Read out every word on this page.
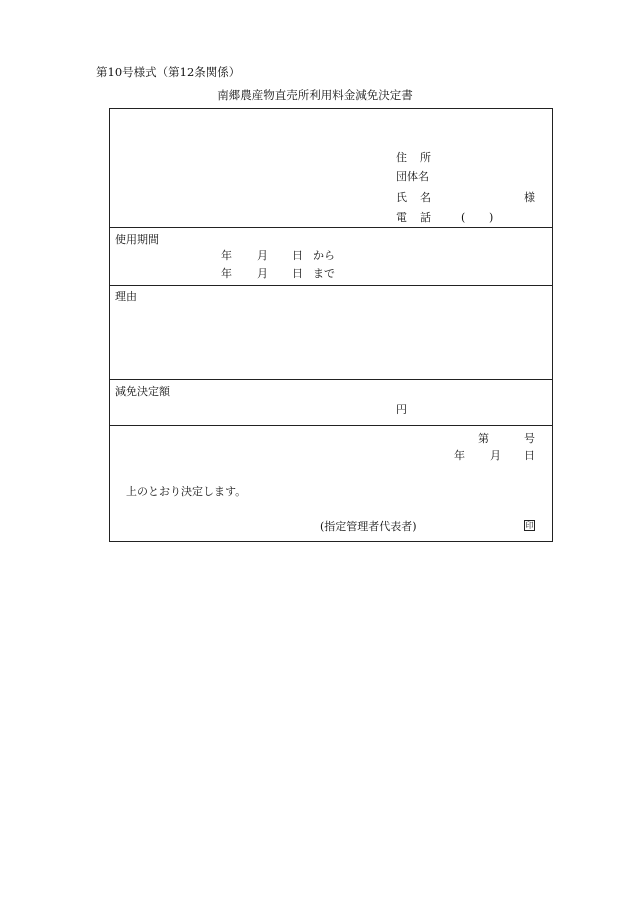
第10号様式（第12条関係）
南郷農産物直売所利用料金減免決定書
住 所
団体名
氏 名	様
電 話	( )
使用期間
年 月 日 から
年 月 日 まで
理由
減免決定額
円
第	号
年 月 日
上のとおり決定します。
(指定管理者代表者)	印
